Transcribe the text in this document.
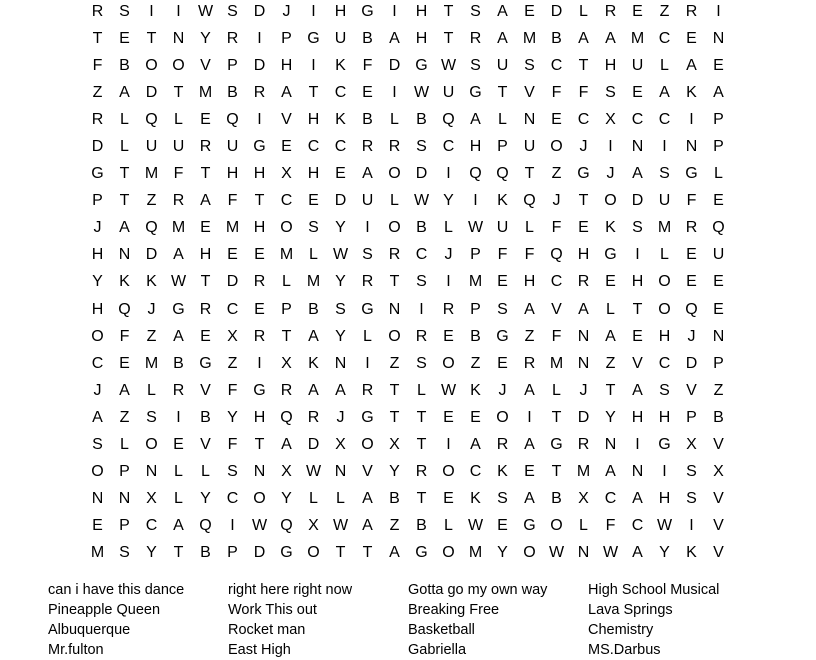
R S	I	I	W S D	J	I	H G	I	H	T	S	A	E D	L	R E	Z	R	I
T	E	T	N Y R	I	P G U B	A H	T	R A M B	A	A M C E N
F	B O O V	P D H	I	K	F	D G W S U S C	T	H U	L	A	E
Z	A D	T M B R A	T	C E	I	W U G T	V	F	F	S	E	A	K	A
R	L	Q	L	E Q	I	V H K	B	L	B Q A	L	N E C X C C	I	P
D	L	U U R U G E C C R R S C H P U O	J	I	N	I	N P
G T M F	T	H H X H E	A O D	I	Q Q T	Z G	J	A	S G	L
P	T	Z	R A	F	T	C E D U	L W Y	I	K Q	J	T O D U	F	E
J	A Q M E M H O S	Y	I	O B	L W U	L	F	E	K	S M R Q
H N D A H E	E M L W S R C	J	P	F	F Q H G	I	L	E U
Y	K	K W T	D R	L M Y R	T	S	I	M E H C R E H O E	E
H Q	J	G R C E	P	B	S G N	I	R P	S	A	V	A	L	T O Q E
O F	Z	A	E	X R	T	A	Y	L	O R E	B G Z	F	N A	E H	J	N
C E M B G Z	I	X	K N	I	Z	S O Z	E R M N	Z	V C D P
J	A	L	R V	F G R A	A R	T	L W K	J	A	L	J	T	A	S	V	Z
A	Z	S	I	B	Y H Q R	J	G T	T	E	E O	I	T	D Y H H P	B
S	L	O E	V	F	T	A D X O X	T	I	A R A G R N	I	G X	V
O P N	L	L	S N X W N V	Y R O C K	E	T M A N	I	S	X
N N X	L	Y C O Y	L	L	A	B	T	E	K	S	A	B	X C A H S	V
E	P C A Q	I	W Q X W A	Z	B	L W E G O	L	F	C W	I	V
M S	Y	T	B	P D G O T	T	A G O M Y O W N W A	Y	K	V
can i have this dance	right here right now	Gotta go my own way	High School Musical
Pineapple Queen	Work This out	Breaking Free	Lava Springs
Albuquerque	Rocket man	Basketball	Chemistry
Mr.fulton	East High	Gabriella	MS.Darbus
